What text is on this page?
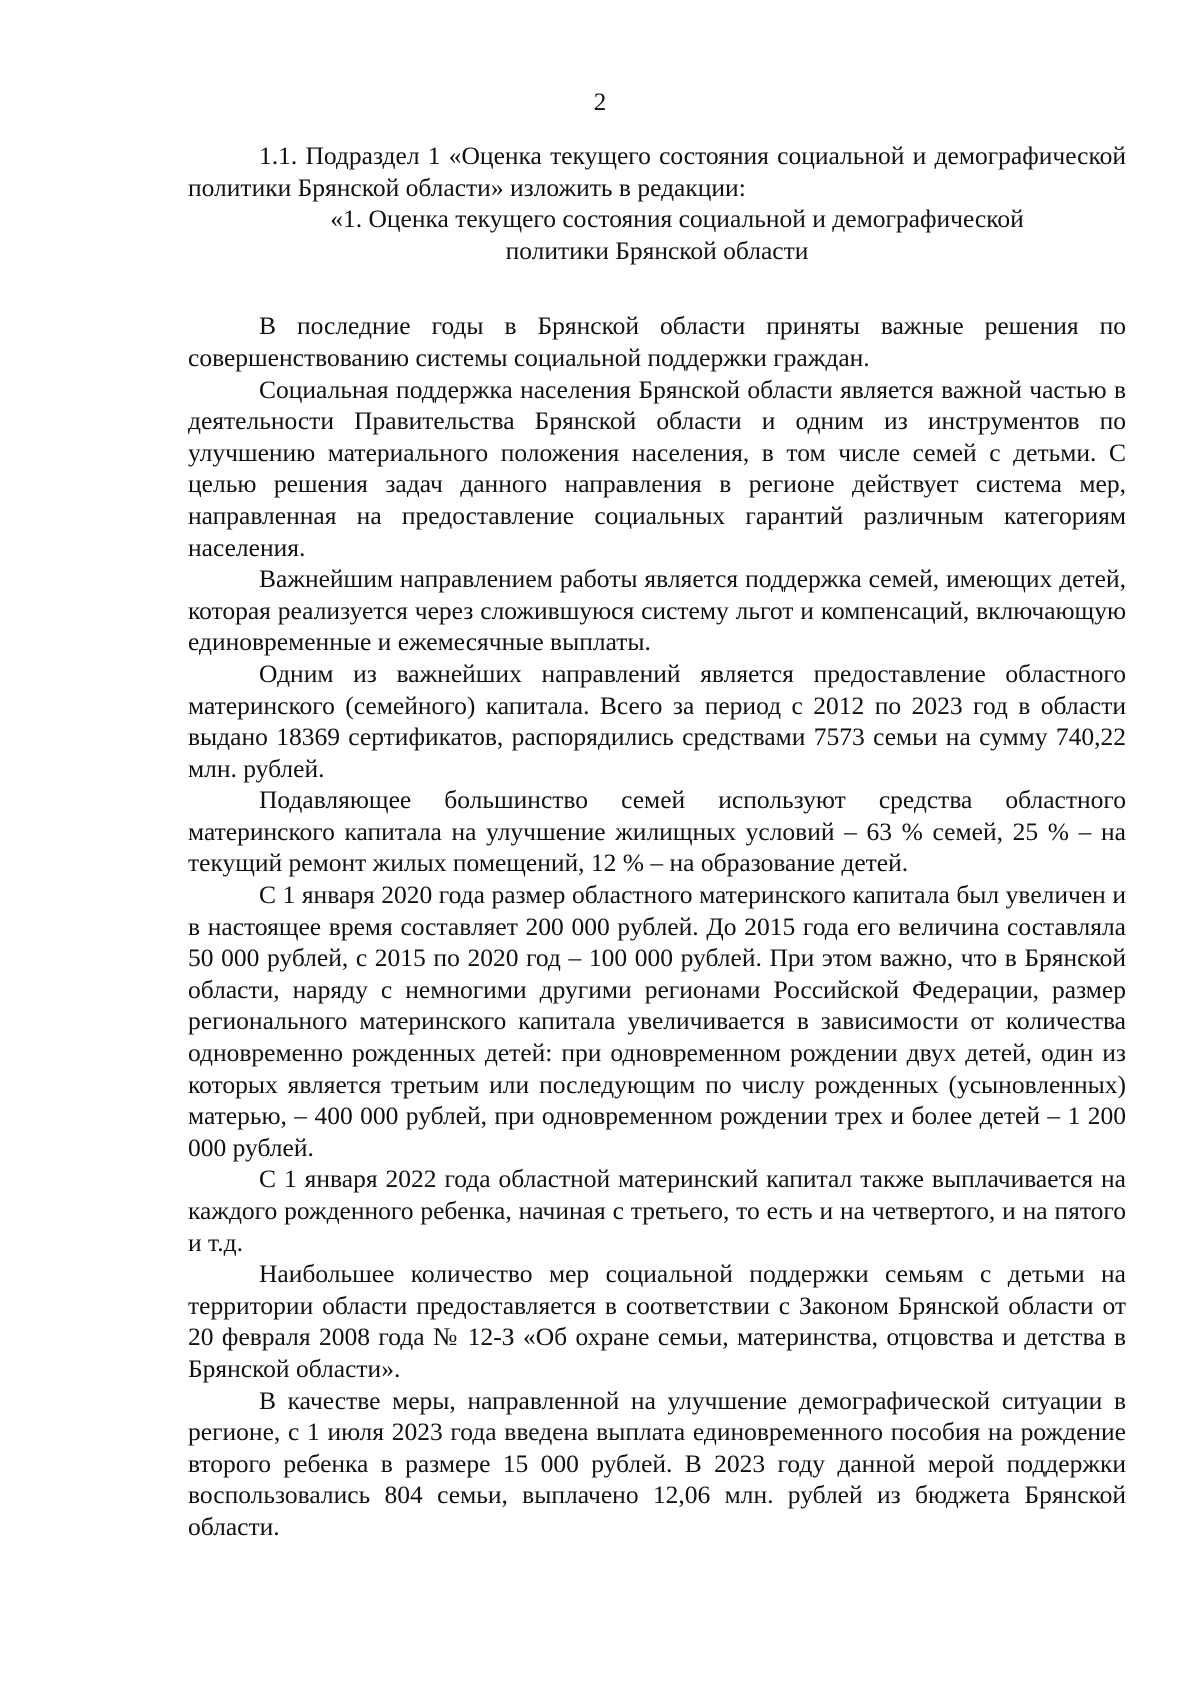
2

1.1. Подраздел 1 «Оценка текущего состояния социальной и демографической политики Брянской области» изложить в редакции:

«1. Оценка текущего состояния социальной и демографической
политики Брянской области

В последние годы в Брянской области приняты важные решения по совершенствованию системы социальной поддержки граждан.

Социальная поддержка населения Брянской области является важной частью в деятельности Правительства Брянской области и одним из инструментов по улучшению материального положения населения, в том числе семей с детьми. С целью решения задач данного направления в регионе действует система мер, направленная на предоставление социальных гарантий различным категориям населения.

Важнейшим направлением работы является поддержка семей, имеющих детей, которая реализуется через сложившуюся систему льгот и компенсаций, включающую единовременные и ежемесячные выплаты.

Одним из важнейших направлений является предоставление областного материнского (семейного) капитала. Всего за период с 2012 по 2023 год в области выдано 18369 сертификатов, распорядились средствами 7573 семьи на сумму 740,22 млн. рублей.

Подавляющее большинство семей используют средства областного материнского капитала на улучшение жилищных условий – 63 % семей, 25 % – на текущий ремонт жилых помещений, 12 % – на образование детей.

С 1 января 2020 года размер областного материнского капитала был увеличен и в настоящее время составляет 200 000 рублей. До 2015 года его величина составляла 50 000 рублей, с 2015 по 2020 год – 100 000 рублей. При этом важно, что в Брянской области, наряду с немногими другими регионами Российской Федерации, размер регионального материнского капитала увеличивается в зависимости от количества одновременно рожденных детей: при одновременном рождении двух детей, один из которых является третьим или последующим по числу рожденных (усыновленных) матерью, – 400 000 рублей, при одновременном рождении трех и более детей – 1 200 000 рублей.

С 1 января 2022 года областной материнский капитал также выплачивается на каждого рожденного ребенка, начиная с третьего, то есть и на четвертого, и на пятого и т.д.

Наибольшее количество мер социальной поддержки семьям с детьми на территории области предоставляется в соответствии с Законом Брянской области от 20 февраля 2008 года № 12-З «Об охране семьи, материнства, отцовства и детства в Брянской области».

В качестве меры, направленной на улучшение демографической ситуации в регионе, с 1 июля 2023 года введена выплата единовременного пособия на рождение второго ребенка в размере 15 000 рублей. В 2023 году данной мерой поддержки воспользовались 804 семьи, выплачено 12,06 млн. рублей из бюджета Брянской области.
